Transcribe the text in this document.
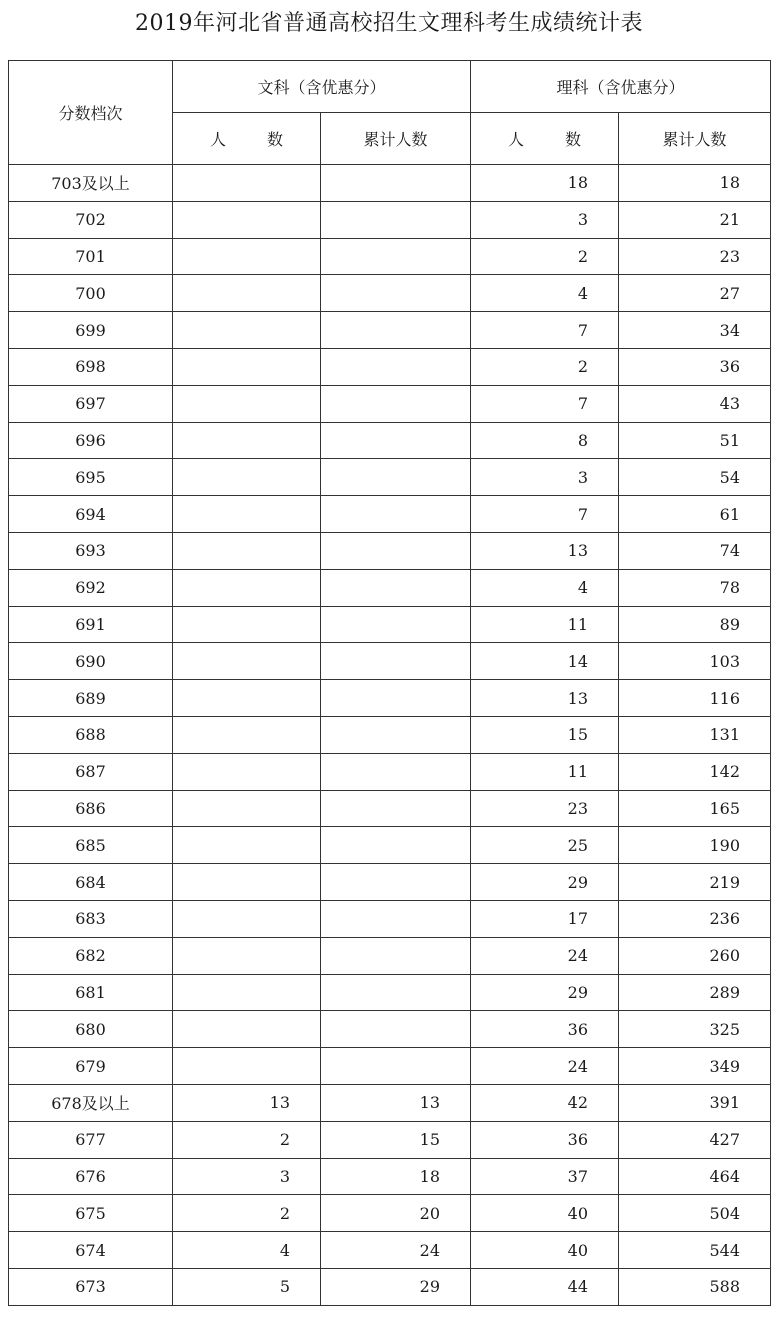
2019年河北省普通高校招生文理科考生成绩统计表
分数档次	文科（含优惠分）		理科（含优惠分）	
	人 数	累计人数	人 数	累计人数
703及以上			18	18
702			3	21
701			2	23
700			4	27
699			7	34
698			2	36
697			7	43
696			8	51
695			3	54
694			7	61
693			13	74
692			4	78
691			11	89
690			14	103
689			13	116
688			15	131
687			11	142
686			23	165
685			25	190
684			29	219
683			17	236
682			24	260
681			29	289
680			36	325
679			24	349
678及以上	13	13	42	391
677	2	15	36	427
676	3	18	37	464
675	2	20	40	504
674	4	24	40	544
673	5	29	44	588
